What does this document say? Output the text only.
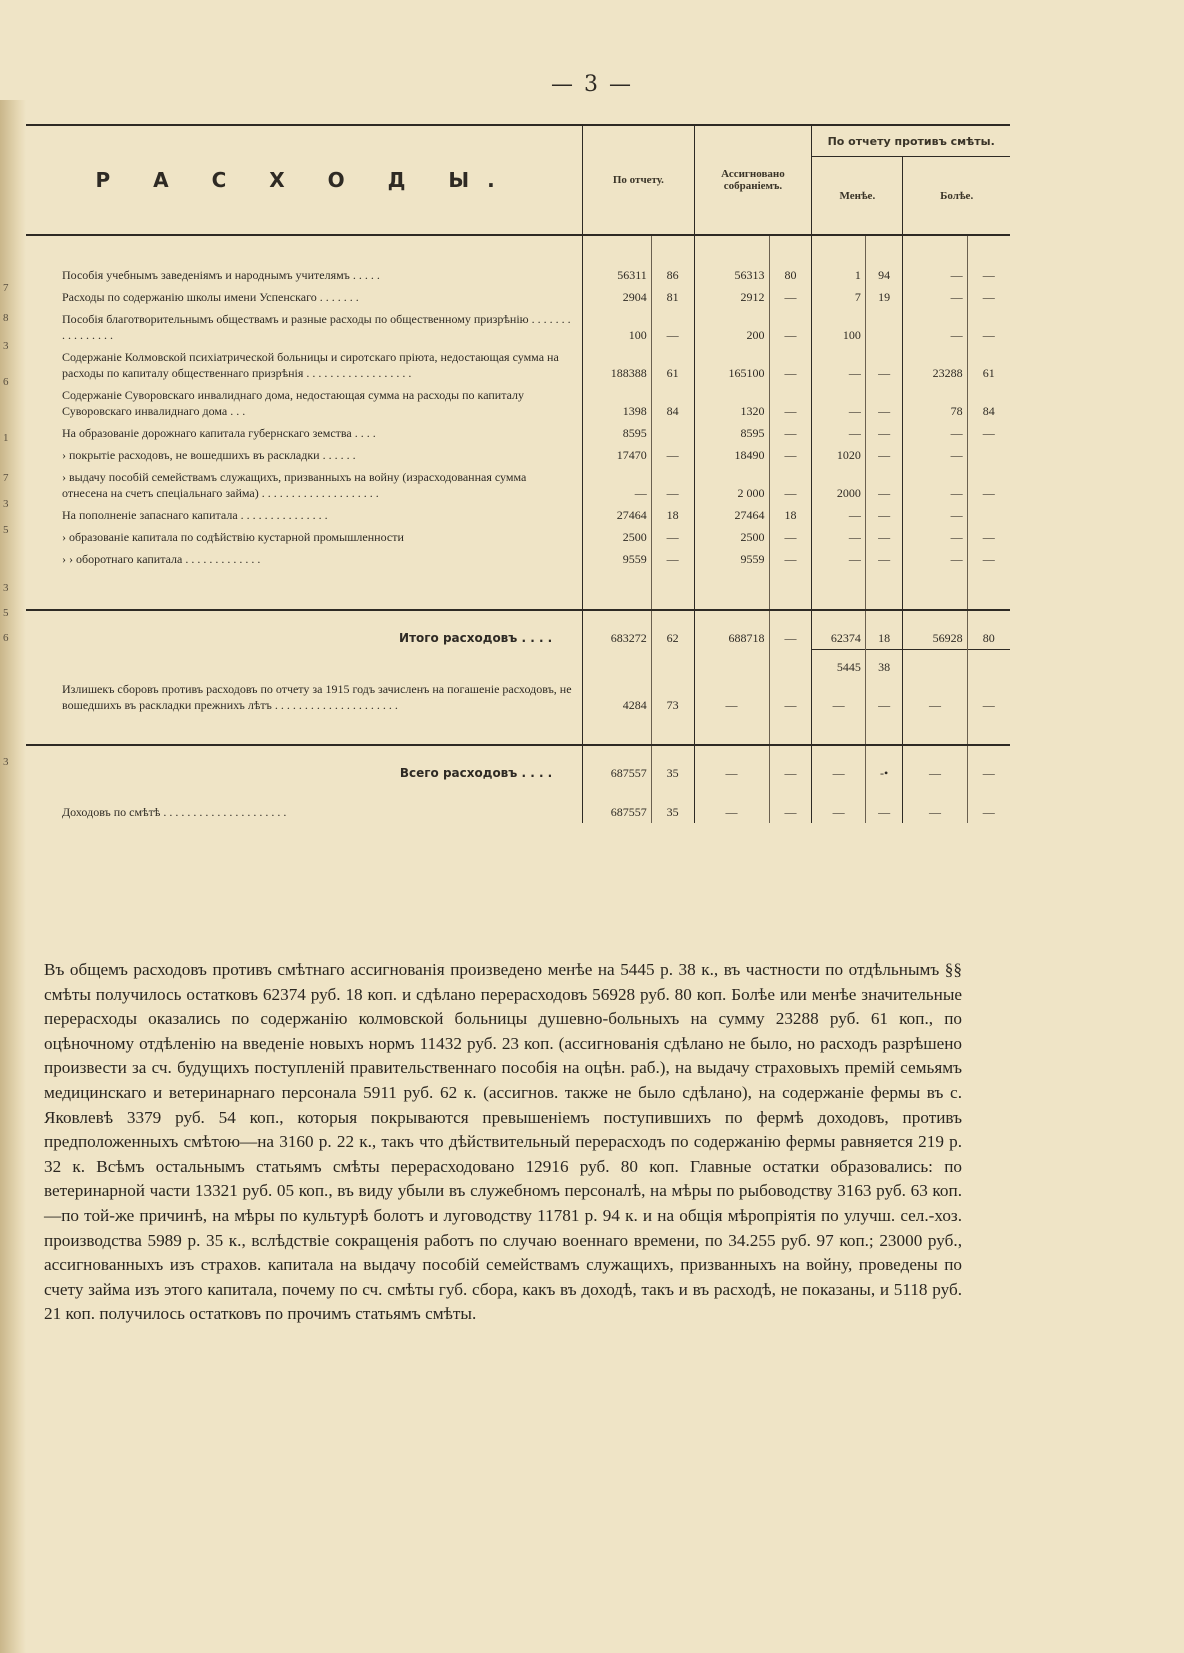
7
8
3
6
1
7
3
5
3
5
6
3
— 3 —
Р А С Х О Д Ы.	По отчету.		Ассигновано собраніемъ.		По отчету противъ смѣты.			
					Менѣе.		Болѣе.	

Пособія учебнымъ заведеніямъ и народнымъ учителямъ . . . . .	56311	86	56313	80	1	94	—	—
Расходы по содержанію школы имени Успенскаго . . . . . . .	2904	81	2912	—	7	19	—	—
Пособія благотворительнымъ обществамъ и разные расходы по общественному призрѣнію . . . . . . . . . . . . . . . .	100	—	200	—	100		—	—
Содержаніе Колмовской психіатрической больницы и сиротскаго пріюта, недостающая сумма на расходы по капиталу общественнаго призрѣнія . . . . . . . . . . . . . . . . . .	188388	61	165100	—	—	—	23288	61
Содержаніе Суворовскаго инвалиднаго дома, недостающая сумма на расходы по капиталу Суворовскаго инвалиднаго дома . . .	1398	84	1320	—	—	—	78	84
На образованіе дорожнаго капитала губернскаго земства . . . .	8595		8595	—	—	—	—	—
› покрытіе расходовъ, не вошедшихъ въ раскладки . . . . . .	17470	—	18490	—	1020	—	—	
› выдачу пособій семействамъ служащихъ, призванныхъ на войну (израсходованная сумма отнесена на счетъ спеціальнаго займа) . . . . . . . . . . . . . . . . . . . .	—	—	2 000	—	2000	—	—	—
На пополненіе запаснаго капитала . . . . . . . . . . . . . . .	27464	18	27464	18	—	—	—	
› образованіе капитала по содѣйствію кустарной промышленности	2500	—	2500	—	—	—	—	—
› › оборотнаго капитала . . . . . . . . . . . . .	9559	—	9559	—	—	—	—	—

Итого расходовъ . . . .	683272	62	688718	—	62374	18	56928	80
					5445	38		
Излишекъ сборовъ противъ расходовъ по отчету за 1915 годъ зачисленъ на погашеніе расходовъ, не вошедшихъ въ раскладки прежнихъ лѣтъ . . . . . . . . . . . . . . . . . . . . .	4284	73	—	—	—	—	—	—

Всего расходовъ . . . .	687557	35	—	—	—	-•	—	—
Доходовъ по смѣтѣ . . . . . . . . . . . . . . . . . . . . .	687557	35	—	—	—	—	—	—

Въ общемъ расходовъ противъ смѣтнаго ассигнованія произведено менѣе на 5445 р. 38 к., въ частности по отдѣльнымъ §§ смѣты получилось остатковъ 62374 руб. 18 коп. и сдѣлано перерасходовъ 56928 руб. 80 коп. Болѣе или менѣе значительные перерасходы оказались по содержанію колмовской больницы душевно-больныхъ на сумму 23288 руб. 61 коп., по оцѣночному отдѣленію на введеніе новыхъ нормъ 11432 руб. 23 коп. (ассигнованія сдѣлано не было, но расходъ разрѣшено произвести за сч. будущихъ поступленій правительственнаго пособія на оцѣн. раб.), на выдачу страховыхъ премій семьямъ медицинскаго и ветеринарнаго персонала 5911 руб. 62 к. (ассигнов. также не было сдѣлано), на содержаніе фермы въ с. Яковлевѣ 3379 руб. 54 коп., которыя покрываются превышеніемъ поступившихъ по фермѣ доходовъ, противъ предположенныхъ смѣтою—на 3160 р. 22 к., такъ что дѣйствительный перерасходъ по содержанію фермы равняется 219 р. 32 к. Всѣмъ остальнымъ статьямъ смѣты перерасходовано 12916 руб. 80 коп. Главные остатки образовались: по ветеринарной части 13321 руб. 05 коп., въ виду убыли въ служебномъ персоналѣ, на мѣры по рыбоводству 3163 руб. 63 коп.—по той-же причинѣ, на мѣры по культурѣ болотъ и луговодству 11781 р. 94 к. и на общія мѣропріятія по улучш. сел.-хоз. производства 5989 р. 35 к., вслѣдствіе сокращенія работъ по случаю военнаго времени, по 34.255 руб. 97 коп.; 23000 руб., ассигнованныхъ изъ страхов. капитала на выдачу пособій семействамъ служащихъ, призванныхъ на войну, проведены по счету займа изъ этого капитала, почему по сч. смѣты губ. сбора, какъ въ доходѣ, такъ и въ расходѣ, не показаны, и 5118 руб. 21 коп. получилось остатковъ по прочимъ статьямъ смѣты.
